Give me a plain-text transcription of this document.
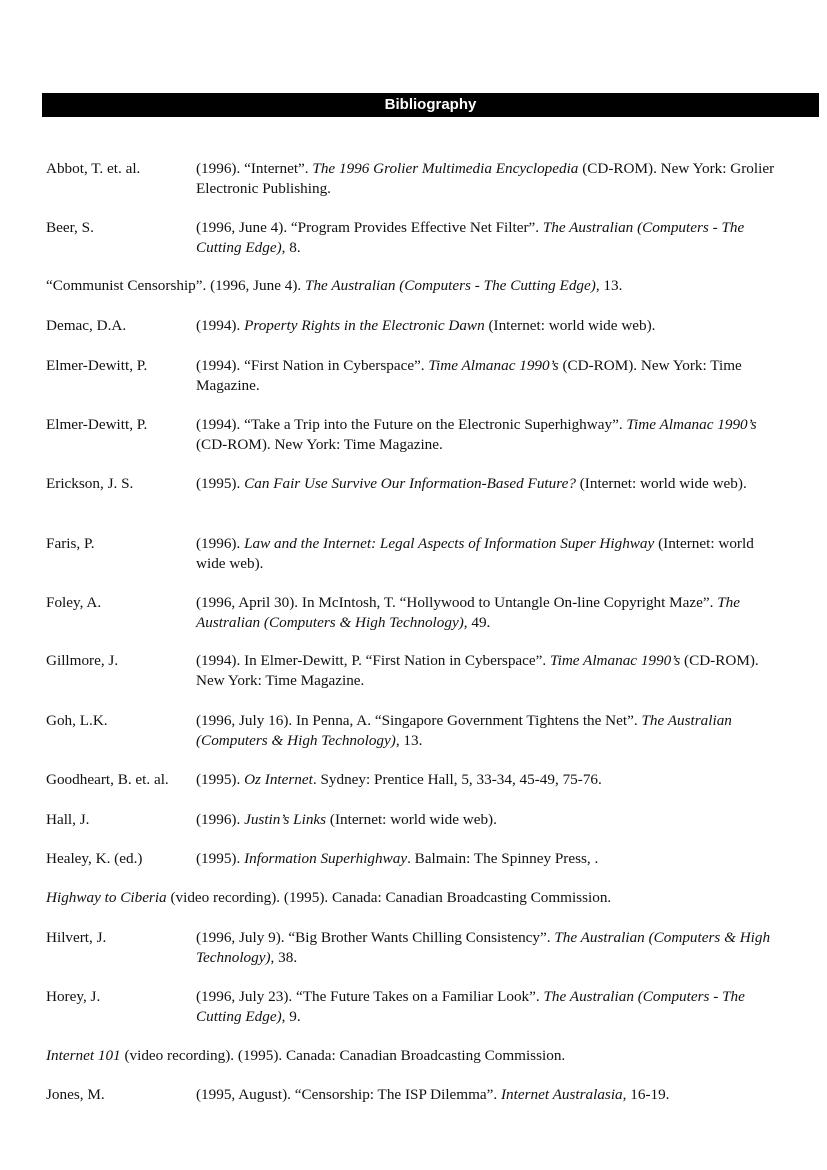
Bibliography
Abbot, T. et. al.	(1996). “Internet”. The 1996 Grolier Multimedia Encyclopedia (CD-ROM). New York: Grolier Electronic Publishing.
Beer, S.	(1996, June 4). “Program Provides Effective Net Filter”. The Australian (Computers - The Cutting Edge), 8.
“Communist Censorship”. (1996, June 4). The Australian (Computers - The Cutting Edge), 13.
Demac, D.A.	(1994). Property Rights in the Electronic Dawn (Internet: world wide web).
Elmer-Dewitt, P.	(1994). “First Nation in Cyberspace”. Time Almanac 1990’s (CD-ROM). New York: Time Magazine.
Elmer-Dewitt, P.	(1994). “Take a Trip into the Future on the Electronic Superhighway”. Time Almanac 1990’s (CD-ROM). New York: Time Magazine.
Erickson, J. S.	(1995). Can Fair Use Survive Our Information-Based Future? (Internet: world wide web).
Faris, P.	(1996). Law and the Internet: Legal Aspects of Information Super Highway (Internet: world wide web).
Foley, A.	(1996, April 30). In McIntosh, T. “Hollywood to Untangle On-line Copyright Maze”. The Australian (Computers & High Technology), 49.
Gillmore, J.	(1994). In Elmer-Dewitt, P. “First Nation in Cyberspace”. Time Almanac 1990’s (CD-ROM). New York: Time Magazine.
Goh, L.K.	(1996, July 16). In Penna, A. “Singapore Government Tightens the Net”. The Australian (Computers & High Technology), 13.
Goodheart, B. et. al.	(1995). Oz Internet. Sydney: Prentice Hall, 5, 33-34, 45-49, 75-76.
Hall, J.	(1996). Justin’s Links (Internet: world wide web).
Healey, K. (ed.)	(1995). Information Superhighway. Balmain: The Spinney Press, .
Highway to Ciberia (video recording). (1995). Canada: Canadian Broadcasting Commission.
Hilvert, J.	(1996, July 9). “Big Brother Wants Chilling Consistency”. The Australian (Computers & High Technology), 38.
Horey, J.	(1996, July 23). “The Future Takes on a Familiar Look”. The Australian (Computers - The Cutting Edge), 9.
Internet 101 (video recording). (1995). Canada: Canadian Broadcasting Commission.
Jones, M.	(1995, August). “Censorship: The ISP Dilemma”. Internet Australasia, 16-19.
